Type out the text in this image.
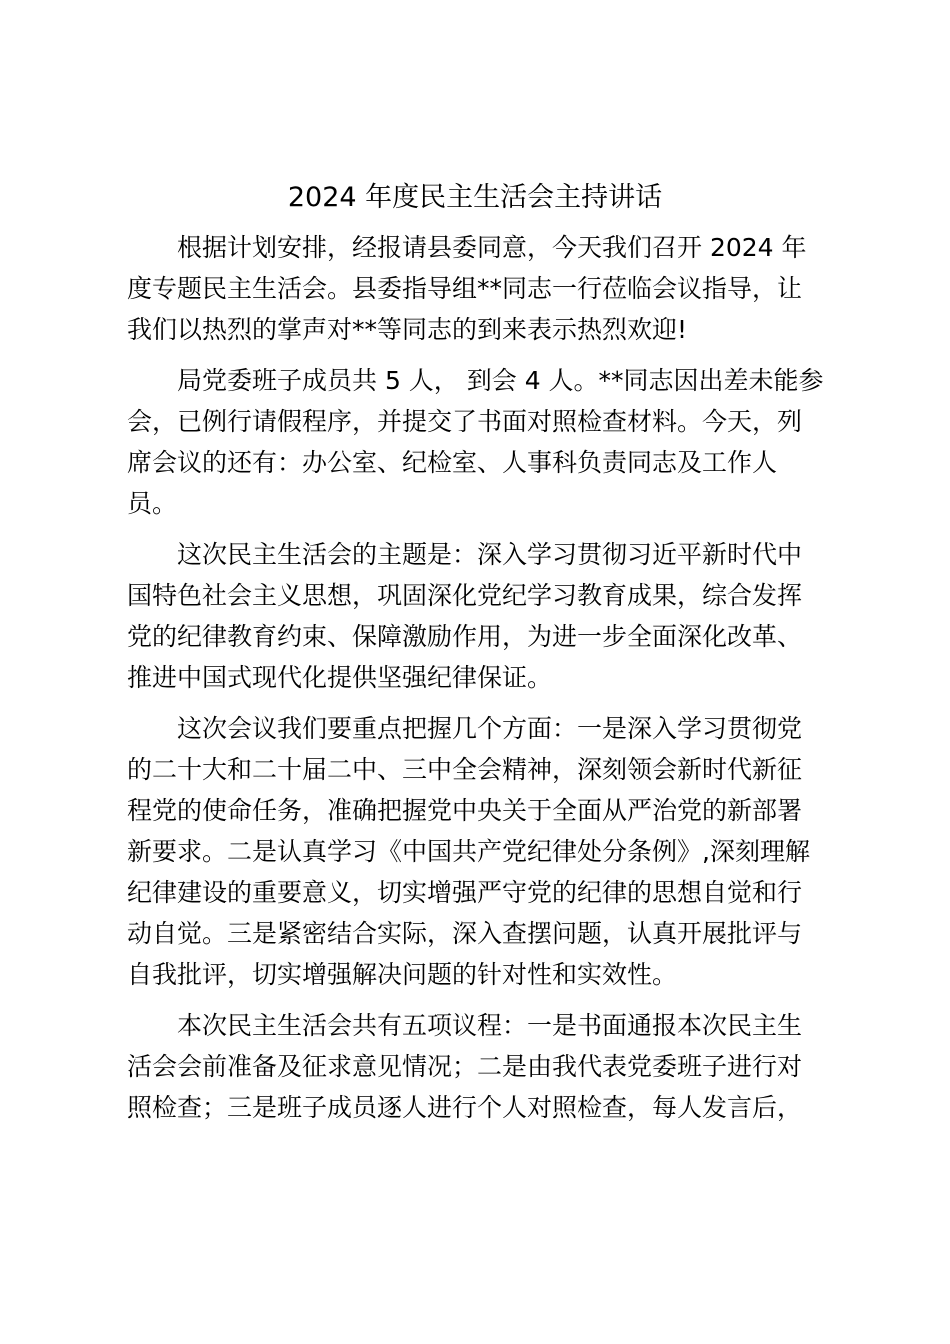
2024 年度民主生活会主持讲话

根据计划安排，经报请县委同意，今天我们召开 2024 年
度专题民主生活会。县委指导组**同志一行莅临会议指导，让
我们以热烈的掌声对**等同志的到来表示热烈欢迎!

局党委班子成员共 5 人， 到会 4 人。**同志因出差未能参
会，已例行请假程序，并提交了书面对照检查材料。今天，列
席会议的还有：办公室、纪检室、人事科负责同志及工作人
员。

这次民主生活会的主题是：深入学习贯彻习近平新时代中
国特色社会主义思想，巩固深化党纪学习教育成果，综合发挥
党的纪律教育约束、保障激励作用，为进一步全面深化改革、
推进中国式现代化提供坚强纪律保证。

这次会议我们要重点把握几个方面：一是深入学习贯彻党
的二十大和二十届二中、三中全会精神，深刻领会新时代新征
程党的使命任务，准确把握党中央关于全面从严治党的新部署
新要求。二是认真学习《中国共产党纪律处分条例》,深刻理解
纪律建设的重要意义，切实增强严守党的纪律的思想自觉和行
动自觉。三是紧密结合实际，深入查摆问题，认真开展批评与
自我批评，切实增强解决问题的针对性和实效性。

本次民主生活会共有五项议程：一是书面通报本次民主生
活会会前准备及征求意见情况；二是由我代表党委班子进行对
照检查；三是班子成员逐人进行个人对照检查，每人发言后，
